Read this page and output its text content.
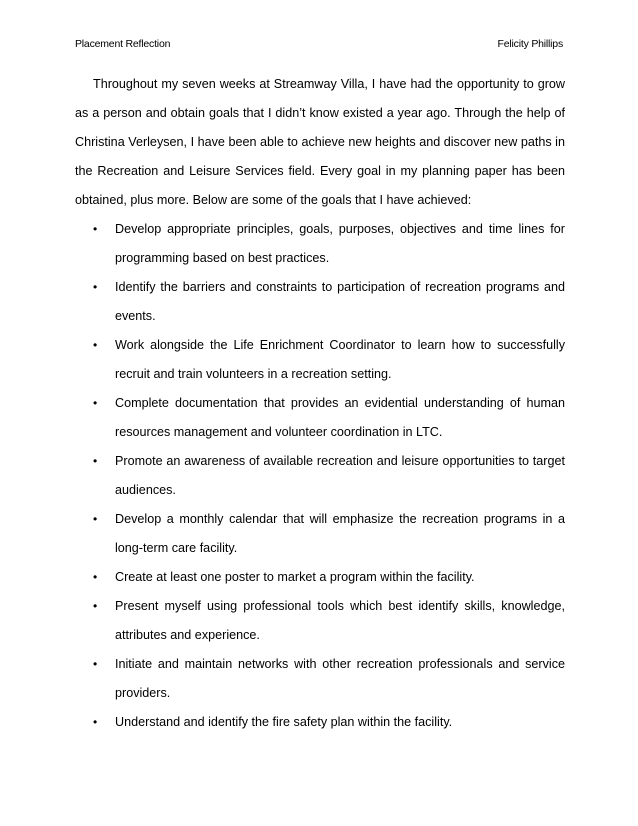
Placement Reflection	Felicity Phillips

Throughout my seven weeks at Streamway Villa, I have had the opportunity to grow as a person and obtain goals that I didn’t know existed a year ago. Through the help of Christina Verleysen, I have been able to achieve new heights and discover new paths in the Recreation and Leisure Services field. Every goal in my planning paper has been obtained, plus more. Below are some of the goals that I have achieved:

• Develop appropriate principles, goals, purposes, objectives and time lines for programming based on best practices.
• Identify the barriers and constraints to participation of recreation programs and events.
• Work alongside the Life Enrichment Coordinator to learn how to successfully recruit and train volunteers in a recreation setting.
• Complete documentation that provides an evidential understanding of human resources management and volunteer coordination in LTC.
• Promote an awareness of available recreation and leisure opportunities to target audiences.
• Develop a monthly calendar that will emphasize the recreation programs in a long-term care facility.
• Create at least one poster to market a program within the facility.
• Present myself using professional tools which best identify skills, knowledge, attributes and experience.
• Initiate and maintain networks with other recreation professionals and service providers.
• Understand and identify the fire safety plan within the facility.
